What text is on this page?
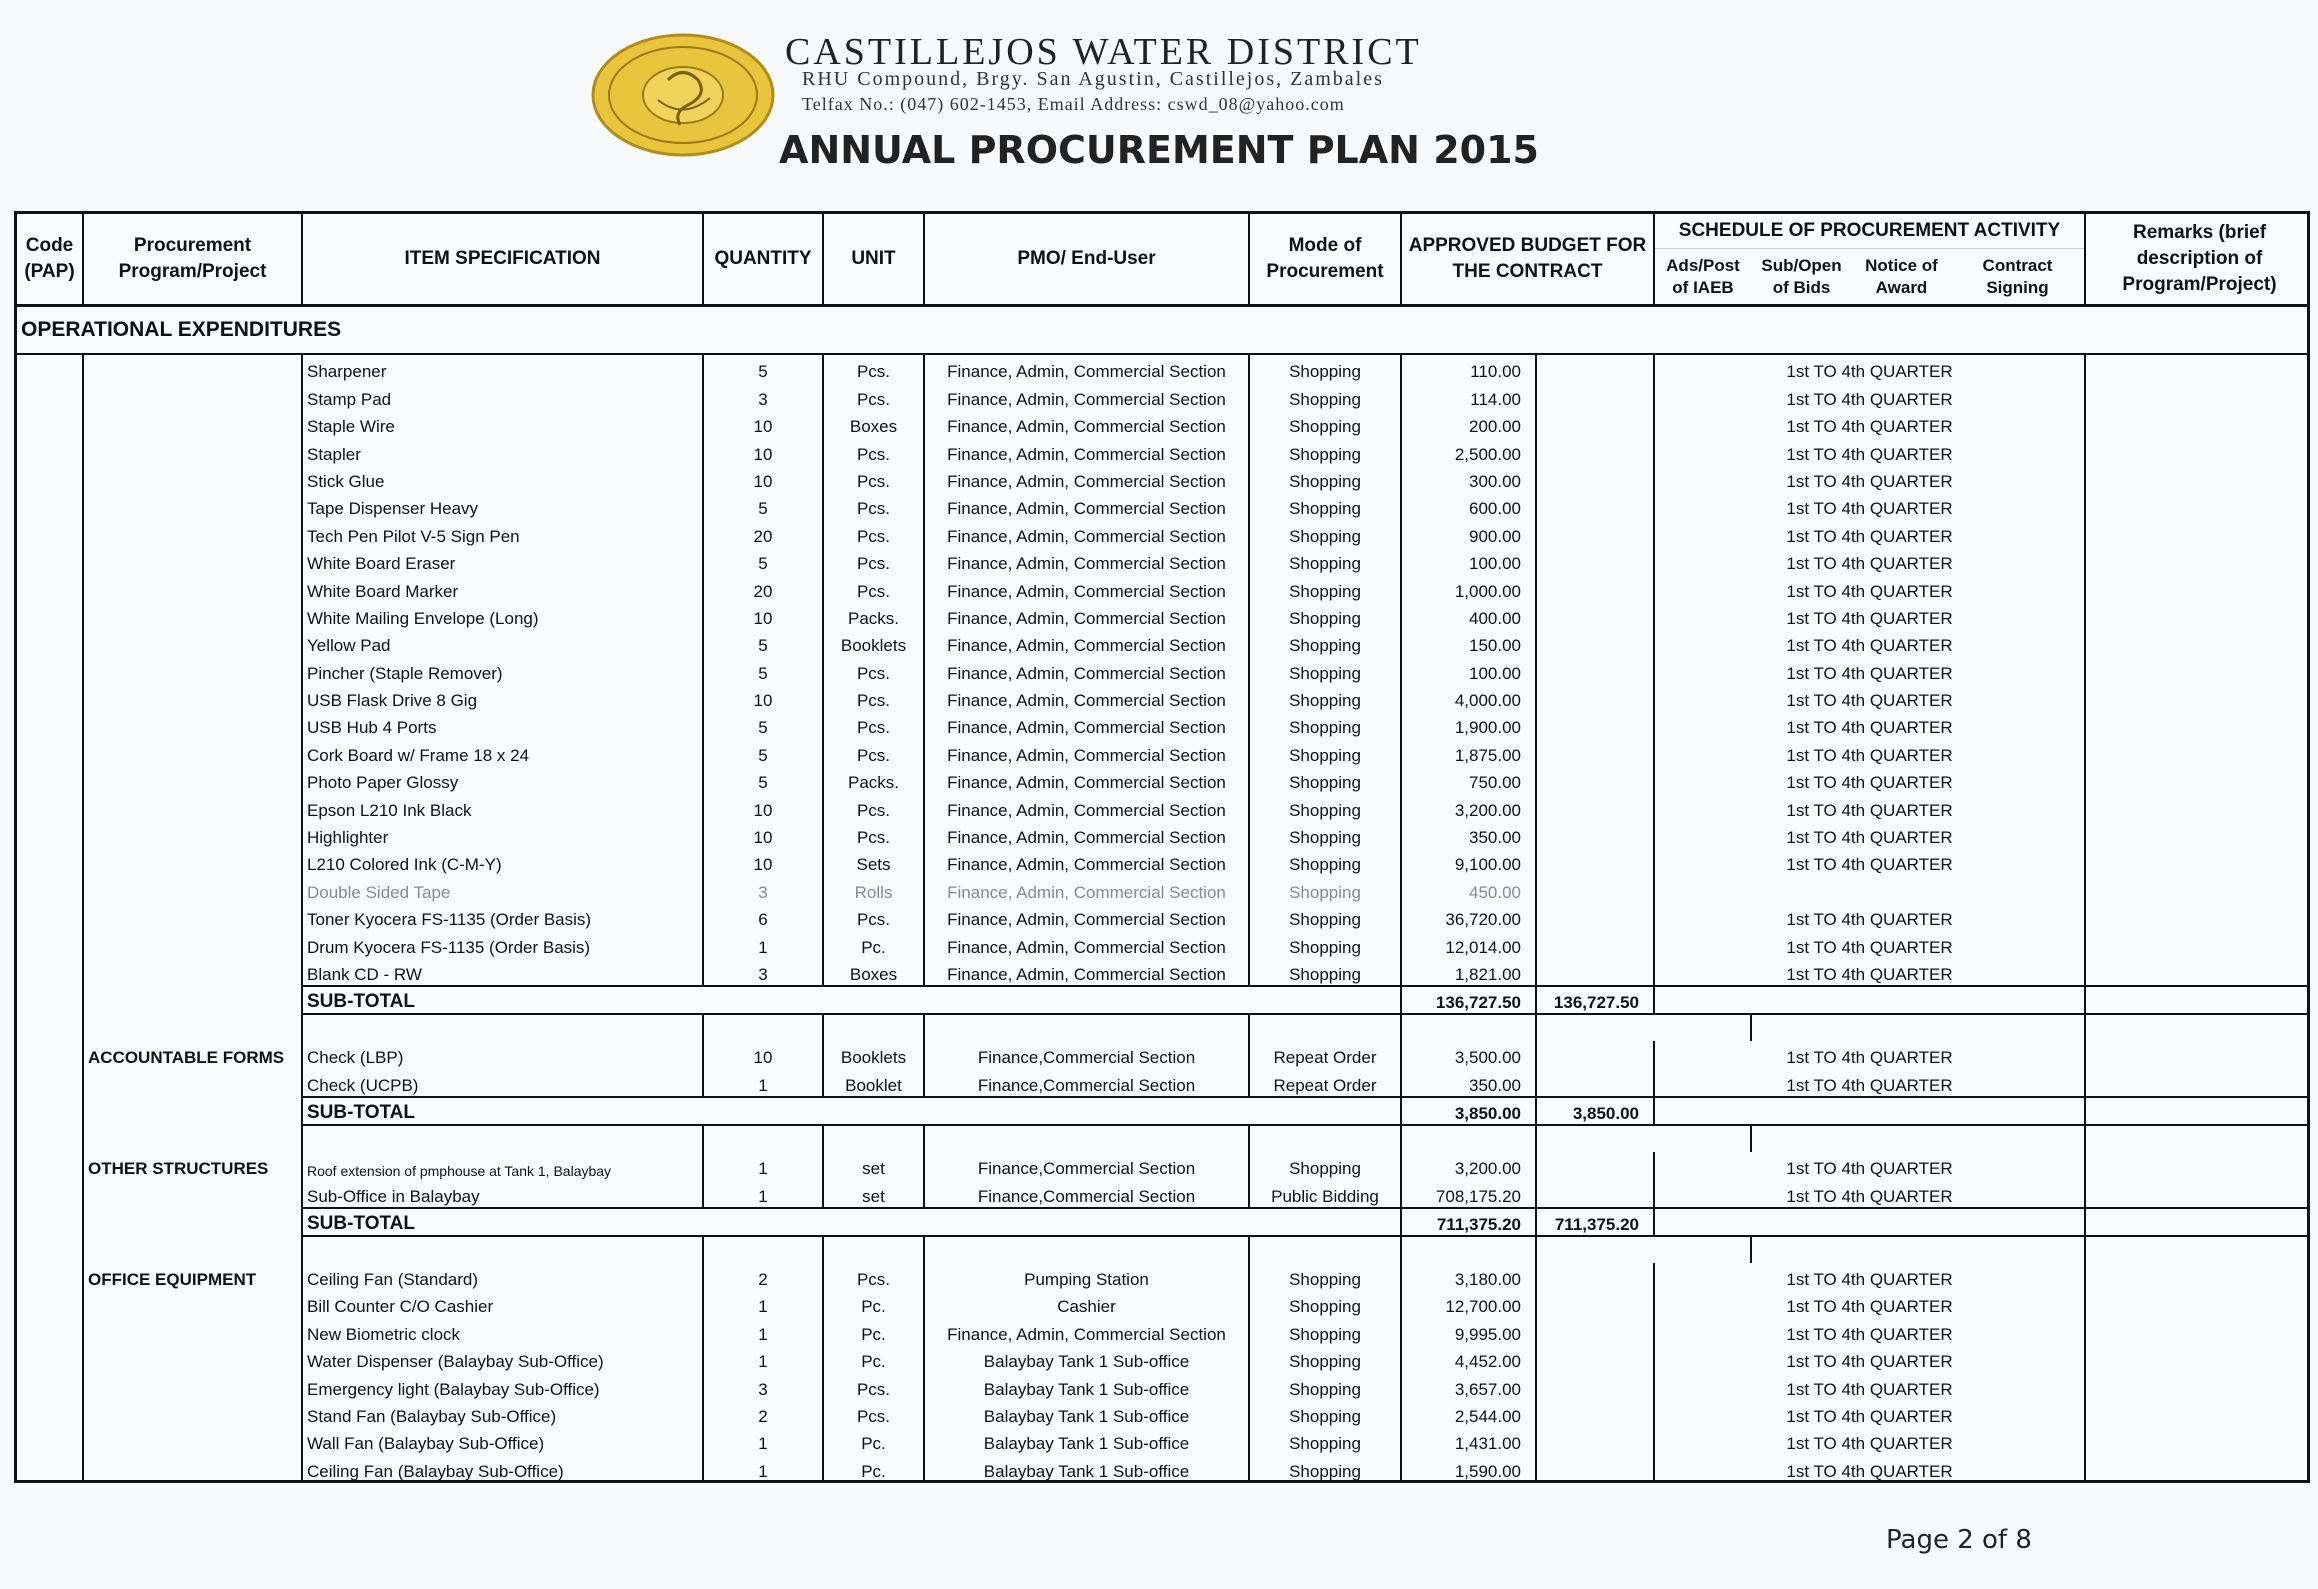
CASTILLEJOS WATER DISTRICT
RHU Compound, Brgy. San Agustin, Castillejos, Zambales
Telfax No.: (047) 602-1453, Email Address: cswd_08@yahoo.com
ANNUAL PROCUREMENT PLAN 2015
Code (PAP)	Procurement Program/Project	ITEM SPECIFICATION	QUANTITY	UNIT	PMO/ End-User	Mode of Procurement	APPROVED BUDGET FOR THE CONTRACT		SCHEDULE OF PROCUREMENT ACTIVITY					Remarks (brief description of Program/Project)
									Ads/Post of IAEB	Sub/Open of Bids	Notice of Award	Contract Signing		
OPERATIONAL EXPENDITURES														
		Sharpener	5	Pcs.	Finance, Admin, Commercial Section	Shopping	110.00		1st TO 4th QUARTER					
		Stamp Pad	3	Pcs.	Finance, Admin, Commercial Section	Shopping	114.00		1st TO 4th QUARTER					
		Staple Wire	10	Boxes	Finance, Admin, Commercial Section	Shopping	200.00		1st TO 4th QUARTER					
		Stapler	10	Pcs.	Finance, Admin, Commercial Section	Shopping	2,500.00		1st TO 4th QUARTER					
		Stick Glue	10	Pcs.	Finance, Admin, Commercial Section	Shopping	300.00		1st TO 4th QUARTER					
		Tape Dispenser Heavy	5	Pcs.	Finance, Admin, Commercial Section	Shopping	600.00		1st TO 4th QUARTER					
		Tech Pen Pilot V-5 Sign Pen	20	Pcs.	Finance, Admin, Commercial Section	Shopping	900.00		1st TO 4th QUARTER					
		White Board Eraser	5	Pcs.	Finance, Admin, Commercial Section	Shopping	100.00		1st TO 4th QUARTER					
		White Board Marker	20	Pcs.	Finance, Admin, Commercial Section	Shopping	1,000.00		1st TO 4th QUARTER					
		White Mailing Envelope (Long)	10	Packs.	Finance, Admin, Commercial Section	Shopping	400.00		1st TO 4th QUARTER					
		Yellow Pad	5	Booklets	Finance, Admin, Commercial Section	Shopping	150.00		1st TO 4th QUARTER					
		Pincher (Staple Remover)	5	Pcs.	Finance, Admin, Commercial Section	Shopping	100.00		1st TO 4th QUARTER					
		USB Flask Drive 8 Gig	10	Pcs.	Finance, Admin, Commercial Section	Shopping	4,000.00		1st TO 4th QUARTER					
		USB Hub 4 Ports	5	Pcs.	Finance, Admin, Commercial Section	Shopping	1,900.00		1st TO 4th QUARTER					
		Cork Board w/ Frame 18 x 24	5	Pcs.	Finance, Admin, Commercial Section	Shopping	1,875.00		1st TO 4th QUARTER					
		Photo Paper Glossy	5	Packs.	Finance, Admin, Commercial Section	Shopping	750.00		1st TO 4th QUARTER					
		Epson L210 Ink Black	10	Pcs.	Finance, Admin, Commercial Section	Shopping	3,200.00		1st TO 4th QUARTER					
		Highlighter	10	Pcs.	Finance, Admin, Commercial Section	Shopping	350.00		1st TO 4th QUARTER					
		L210 Colored Ink (C-M-Y)	10	Sets	Finance, Admin, Commercial Section	Shopping	9,100.00		1st TO 4th QUARTER					
		Double Sided Tape	3	Rolls	Finance, Admin, Commercial Section	Shopping	450.00							
		Toner Kyocera FS-1135 (Order Basis)	6	Pcs.	Finance, Admin, Commercial Section	Shopping	36,720.00		1st TO 4th QUARTER					
		Drum Kyocera FS-1135 (Order Basis)	1	Pc.	Finance, Admin, Commercial Section	Shopping	12,014.00		1st TO 4th QUARTER					
		Blank CD - RW	3	Boxes	Finance, Admin, Commercial Section	Shopping	1,821.00		1st TO 4th QUARTER					
		SUB-TOTAL					136,727.50	136,727.50						

	ACCOUNTABLE FORMS	Check (LBP)	10	Booklets	Finance,Commercial Section	Repeat Order	3,500.00		1st TO 4th QUARTER					
		Check (UCPB)	1	Booklet	Finance,Commercial Section	Repeat Order	350.00		1st TO 4th QUARTER					
		SUB-TOTAL					3,850.00	3,850.00						

	OTHER STRUCTURES	Roof extension of pmphouse at Tank 1, Balaybay	1	set	Finance,Commercial Section	Shopping	3,200.00		1st TO 4th QUARTER					
		Sub-Office in Balaybay	1	set	Finance,Commercial Section	Public Bidding	708,175.20		1st TO 4th QUARTER					
		SUB-TOTAL					711,375.20	711,375.20						

	OFFICE EQUIPMENT	Ceiling Fan (Standard)	2	Pcs.	Pumping Station	Shopping	3,180.00		1st TO 4th QUARTER					
		Bill Counter C/O Cashier	1	Pc.	Cashier	Shopping	12,700.00		1st TO 4th QUARTER					
		New Biometric clock	1	Pc.	Finance, Admin, Commercial Section	Shopping	9,995.00		1st TO 4th QUARTER					
		Water Dispenser (Balaybay Sub-Office)	1	Pc.	Balaybay Tank 1 Sub-office	Shopping	4,452.00		1st TO 4th QUARTER					
		Emergency light (Balaybay Sub-Office)	3	Pcs.	Balaybay Tank 1 Sub-office	Shopping	3,657.00		1st TO 4th QUARTER					
		Stand Fan (Balaybay Sub-Office)	2	Pcs.	Balaybay Tank 1 Sub-office	Shopping	2,544.00		1st TO 4th QUARTER					
		Wall Fan (Balaybay Sub-Office)	1	Pc.	Balaybay Tank 1 Sub-office	Shopping	1,431.00		1st TO 4th QUARTER					
		Ceiling Fan (Balaybay Sub-Office)	1	Pc.	Balaybay Tank 1 Sub-office	Shopping	1,590.00		1st TO 4th QUARTER					
Page 2 of 8
